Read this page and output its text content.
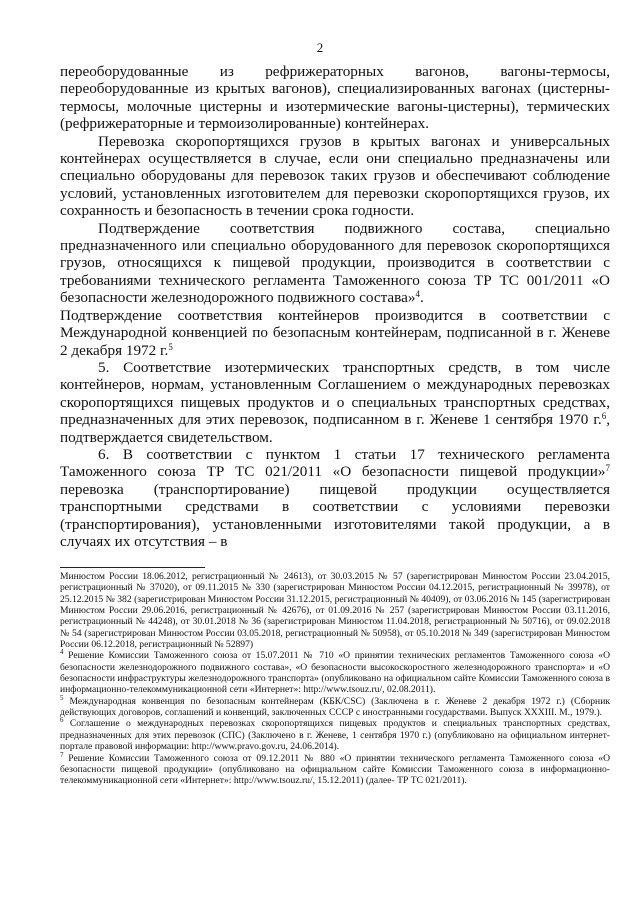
2

переоборудованные из рефрижераторных вагонов, вагоны-термосы, переоборудованные из крытых вагонов), специализированных вагонах (цистерны-термосы, молочные цистерны и изотермические вагоны-цистерны), термических (рефрижераторные и термоизолированные) контейнерах.

Перевозка скоропортящихся грузов в крытых вагонах и универсальных контейнерах осуществляется в случае, если они специально предназначены или специально оборудованы для перевозок таких грузов и обеспечивают соблюдение условий, установленных изготовителем для перевозки скоропортящихся грузов, их сохранность и безопасность в течении срока годности.

Подтверждение соответствия подвижного состава, специально предназначенного или специально оборудованного для перевозок скоропортящихся грузов, относящихся к пищевой продукции, производится в соответствии с требованиями технического регламента Таможенного союза ТР ТС 001/2011 «О безопасности железнодорожного подвижного состава»$^4$.

Подтверждение соответствия контейнеров производится в соответствии с Международной конвенцией по безопасным контейнерам, подписанной в г. Женеве 2 декабря 1972 г.$^5$

5. Соответствие изотермических транспортных средств, в том числе контейнеров, нормам, установленным Соглашением о международных перевозках скоропортящихся пищевых продуктов и о специальных транспортных средствах, предназначенных для этих перевозок, подписанном в г. Женеве 1 сентября 1970 г.$^6$, подтверждается свидетельством.

6. В соответствии с пунктом 1 статьи 17 технического регламента Таможенного союза ТР ТС 021/2011 «О безопасности пищевой продукции»$^7$ перевозка (транспортирование) пищевой продукции осуществляется транспортными средствами в соответствии с условиями перевозки (транспортирования), установленными изготовителями такой продукции, а в случаях их отсутствия – в

Минюстом России 18.06.2012, регистрационный № 24613), от 30.03.2015 № 57 (зарегистрирован Минюстом России 23.04.2015, регистрационный № 37020), от 09.11.2015 № 330 (зарегистрирован Минюстом России 04.12.2015, регистрационный № 39978), от 25.12.2015 № 382 (зарегистрирован Минюстом России 31.12.2015, регистрационный № 40409), от 03.06.2016 № 145 (зарегистрирован Минюстом России 29.06.2016, регистрационный № 42676), от 01.09.2016 № 257 (зарегистрирован Минюстом России 03.11.2016, регистрационный № 44248), от 30.01.2018 № 36 (зарегистрирован Минюстом 11.04.2018, регистрационный № 50716), от 09.02.2018 № 54 (зарегистрирован Минюстом России 03.05.2018, регистрационный № 50958), от 05.10.2018 № 349 (зарегистрирован Минюстом России 06.12.2018, регистрационный № 52897)

$^4$ Решение Комиссии Таможенного союза от 15.07.2011 № 710 «О принятии технических регламентов Таможенного союза «О безопасности железнодорожного подвижного состава», «О безопасности высокоскоростного железнодорожного транспорта» и «О безопасности инфраструктуры железнодорожного транспорта» (опубликовано на официальном сайте Комиссии Таможенного союза в информационно-телекоммуникационной сети «Интернет»: http://www.tsouz.ru/, 02.08.2011).

$^5$ Международная конвенция по безопасным контейнерам (КБК/CSC) (Заключена в г. Женеве 2 декабря 1972 г.) (Сборник действующих договоров, соглашений и конвенций, заключенных СССР с иностранными государствами. Выпуск XXXIII. М., 1979.).

$^6$ Соглашение о международных перевозках скоропортящихся пищевых продуктов и специальных транспортных средствах, предназначенных для этих перевозок (СПС) (Заключено в г. Женеве, 1 сентября 1970 г.) (опубликовано на официальном интернет-портале правовой информации: http://www.pravo.gov.ru, 24.06.2014).

$^7$ Решение Комиссии Таможенного союза от 09.12.2011 № 880 «О принятии технического регламента Таможенного союза «О безопасности пищевой продукции» (опубликовано на официальном сайте Комиссии Таможенного союза в информационно-телекоммуникационной сети «Интернет»: http://www.tsouz.ru/, 15.12.2011) (далее- ТР ТС 021/2011).
